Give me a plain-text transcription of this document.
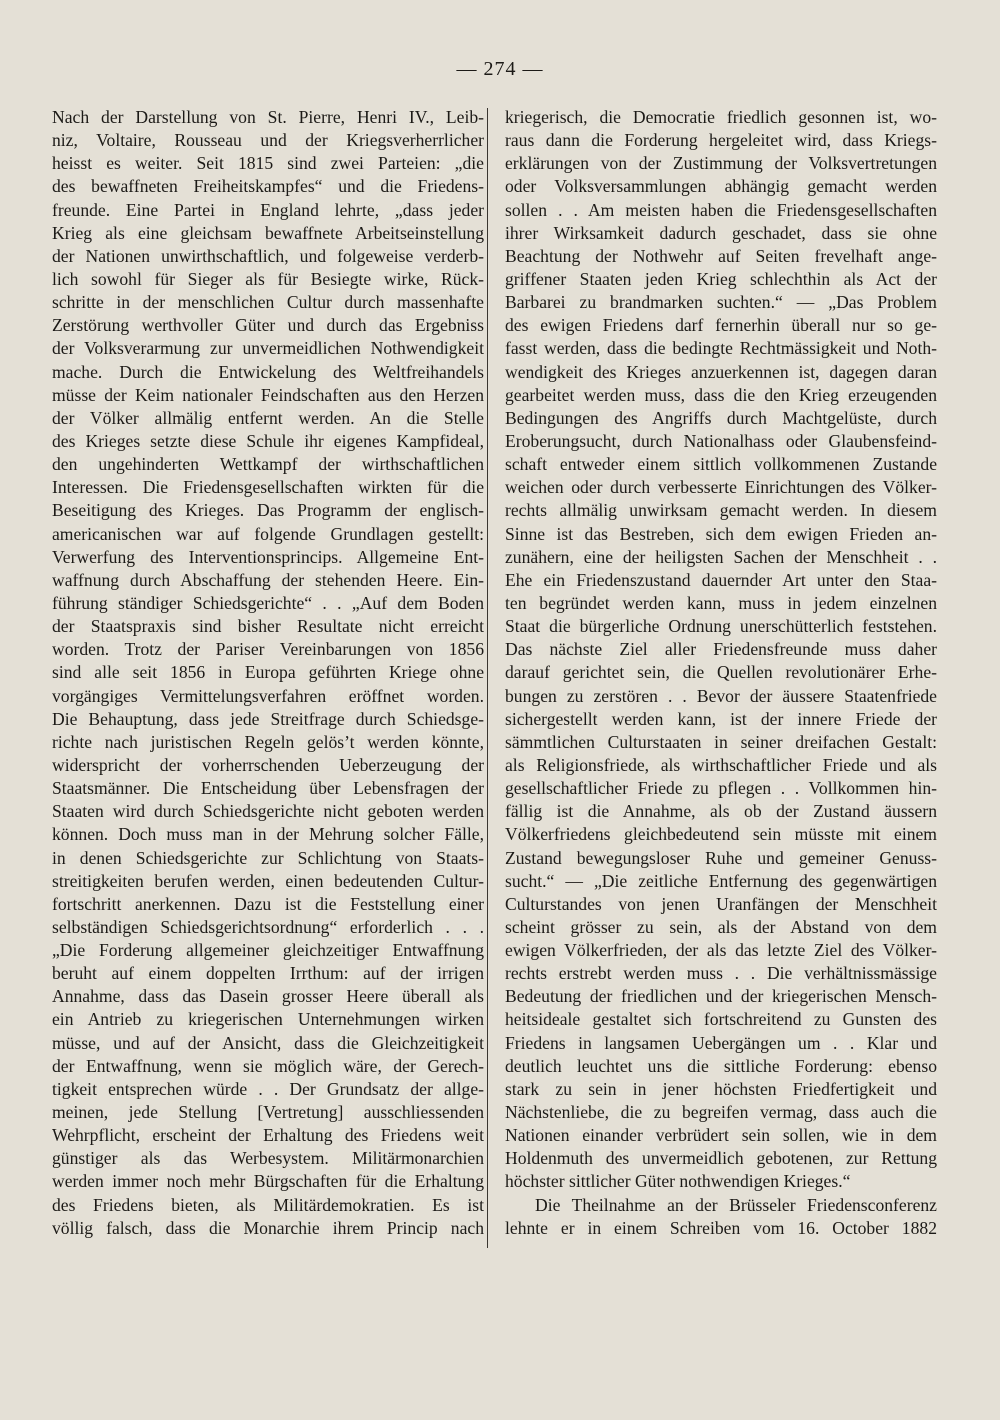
— 274 —
Nach der Darstellung von St. Pierre, Henri IV., Leib-
niz, Voltaire, Rousseau und der Kriegsverherrlicher
heisst es weiter. Seit 1815 sind zwei Parteien: „die
des bewaffneten Freiheitskampfes“ und die Friedens-
freunde. Eine Partei in England lehrte, „dass jeder
Krieg als eine gleichsam bewaffnete Arbeitseinstellung
der Nationen unwirthschaftlich, und folgeweise verderb-
lich sowohl für Sieger als für Besiegte wirke, Rück-
schritte in der menschlichen Cultur durch massenhafte
Zerstörung werthvoller Güter und durch das Ergebniss
der Volksverarmung zur unvermeidlichen Nothwendigkeit
mache. Durch die Entwickelung des Weltfreihandels
müsse der Keim nationaler Feindschaften aus den Herzen
der Völker allmälig entfernt werden. An die Stelle
des Krieges setzte diese Schule ihr eigenes Kampfideal,
den ungehinderten Wettkampf der wirthschaftlichen
Interessen. Die Friedensgesellschaften wirkten für die
Beseitigung des Krieges. Das Programm der englisch-
americanischen war auf folgende Grundlagen gestellt:
Verwerfung des Interventionsprincips. Allgemeine Ent-
waffnung durch Abschaffung der stehenden Heere. Ein-
führung ständiger Schiedsgerichte“ . . „Auf dem Boden
der Staatspraxis sind bisher Resultate nicht erreicht
worden. Trotz der Pariser Vereinbarungen von 1856
sind alle seit 1856 in Europa geführten Kriege ohne
vorgängiges Vermittelungsverfahren eröffnet worden.
Die Behauptung, dass jede Streitfrage durch Schiedsge-
richte nach juristischen Regeln gelös’t werden könnte,
widerspricht der vorherrschenden Ueberzeugung der
Staatsmänner. Die Entscheidung über Lebensfragen der
Staaten wird durch Schiedsgerichte nicht geboten werden
können. Doch muss man in der Mehrung solcher Fälle,
in denen Schiedsgerichte zur Schlichtung von Staats-
streitigkeiten berufen werden, einen bedeutenden Cultur-
fortschritt anerkennen. Dazu ist die Feststellung einer
selbständigen Schiedsgerichtsordnung“ erforderlich . . .
„Die Forderung allgemeiner gleichzeitiger Entwaffnung
beruht auf einem doppelten Irrthum: auf der irrigen
Annahme, dass das Dasein grosser Heere überall als
ein Antrieb zu kriegerischen Unternehmungen wirken
müsse, und auf der Ansicht, dass die Gleichzeitigkeit
der Entwaffnung, wenn sie möglich wäre, der Gerech-
tigkeit entsprechen würde . . Der Grundsatz der allge-
meinen, jede Stellung [Vertretung] ausschliessenden
Wehrpflicht, erscheint der Erhaltung des Friedens weit
günstiger als das Werbesystem. Militärmonarchien
werden immer noch mehr Bürgschaften für die Erhaltung
des Friedens bieten, als Militärdemokratien. Es ist
völlig falsch, dass die Monarchie ihrem Princip nach
kriegerisch, die Democratie friedlich gesonnen ist, wo-
raus dann die Forderung hergeleitet wird, dass Kriegs-
erklärungen von der Zustimmung der Volksvertretungen
oder Volksversammlungen abhängig gemacht werden
sollen . . Am meisten haben die Friedensgesellschaften
ihrer Wirksamkeit dadurch geschadet, dass sie ohne
Beachtung der Nothwehr auf Seiten frevelhaft ange-
griffener Staaten jeden Krieg schlechthin als Act der
Barbarei zu brandmarken suchten.“ — „Das Problem
des ewigen Friedens darf fernerhin überall nur so ge-
fasst werden, dass die bedingte Rechtmässigkeit und Noth-
wendigkeit des Krieges anzuerkennen ist, dagegen daran
gearbeitet werden muss, dass die den Krieg erzeugenden
Bedingungen des Angriffs durch Machtgelüste, durch
Eroberungsucht, durch Nationalhass oder Glaubensfeind-
schaft entweder einem sittlich vollkommenen Zustande
weichen oder durch verbesserte Einrichtungen des Völker-
rechts allmälig unwirksam gemacht werden. In diesem
Sinne ist das Bestreben, sich dem ewigen Frieden an-
zunähern, eine der heiligsten Sachen der Menschheit . .
Ehe ein Friedenszustand dauernder Art unter den Staa-
ten begründet werden kann, muss in jedem einzelnen
Staat die bürgerliche Ordnung unerschütterlich feststehen.
Das nächste Ziel aller Friedensfreunde muss daher
darauf gerichtet sein, die Quellen revolutionärer Erhe-
bungen zu zerstören . . Bevor der äussere Staatenfriede
sichergestellt werden kann, ist der innere Friede der
sämmtlichen Culturstaaten in seiner dreifachen Gestalt:
als Religionsfriede, als wirthschaftlicher Friede und als
gesellschaftlicher Friede zu pflegen . . Vollkommen hin-
fällig ist die Annahme, als ob der Zustand äussern
Völkerfriedens gleichbedeutend sein müsste mit einem
Zustand bewegungsloser Ruhe und gemeiner Genuss-
sucht.“ — „Die zeitliche Entfernung des gegenwärtigen
Culturstandes von jenen Uranfängen der Menschheit
scheint grösser zu sein, als der Abstand von dem
ewigen Völkerfrieden, der als das letzte Ziel des Völker-
rechts erstrebt werden muss . . Die verhältnissmässige
Bedeutung der friedlichen und der kriegerischen Mensch-
heitsideale gestaltet sich fortschreitend zu Gunsten des
Friedens in langsamen Uebergängen um . . Klar und
deutlich leuchtet uns die sittliche Forderung: ebenso
stark zu sein in jener höchsten Friedfertigkeit und
Nächstenliebe, die zu begreifen vermag, dass auch die
Nationen einander verbrüdert sein sollen, wie in dem
Holdenmuth des unvermeidlich gebotenen, zur Rettung
höchster sittlicher Güter nothwendigen Krieges.“
Die Theilnahme an der Brüsseler Friedensconferenz
lehnte er in einem Schreiben vom 16. October 1882
